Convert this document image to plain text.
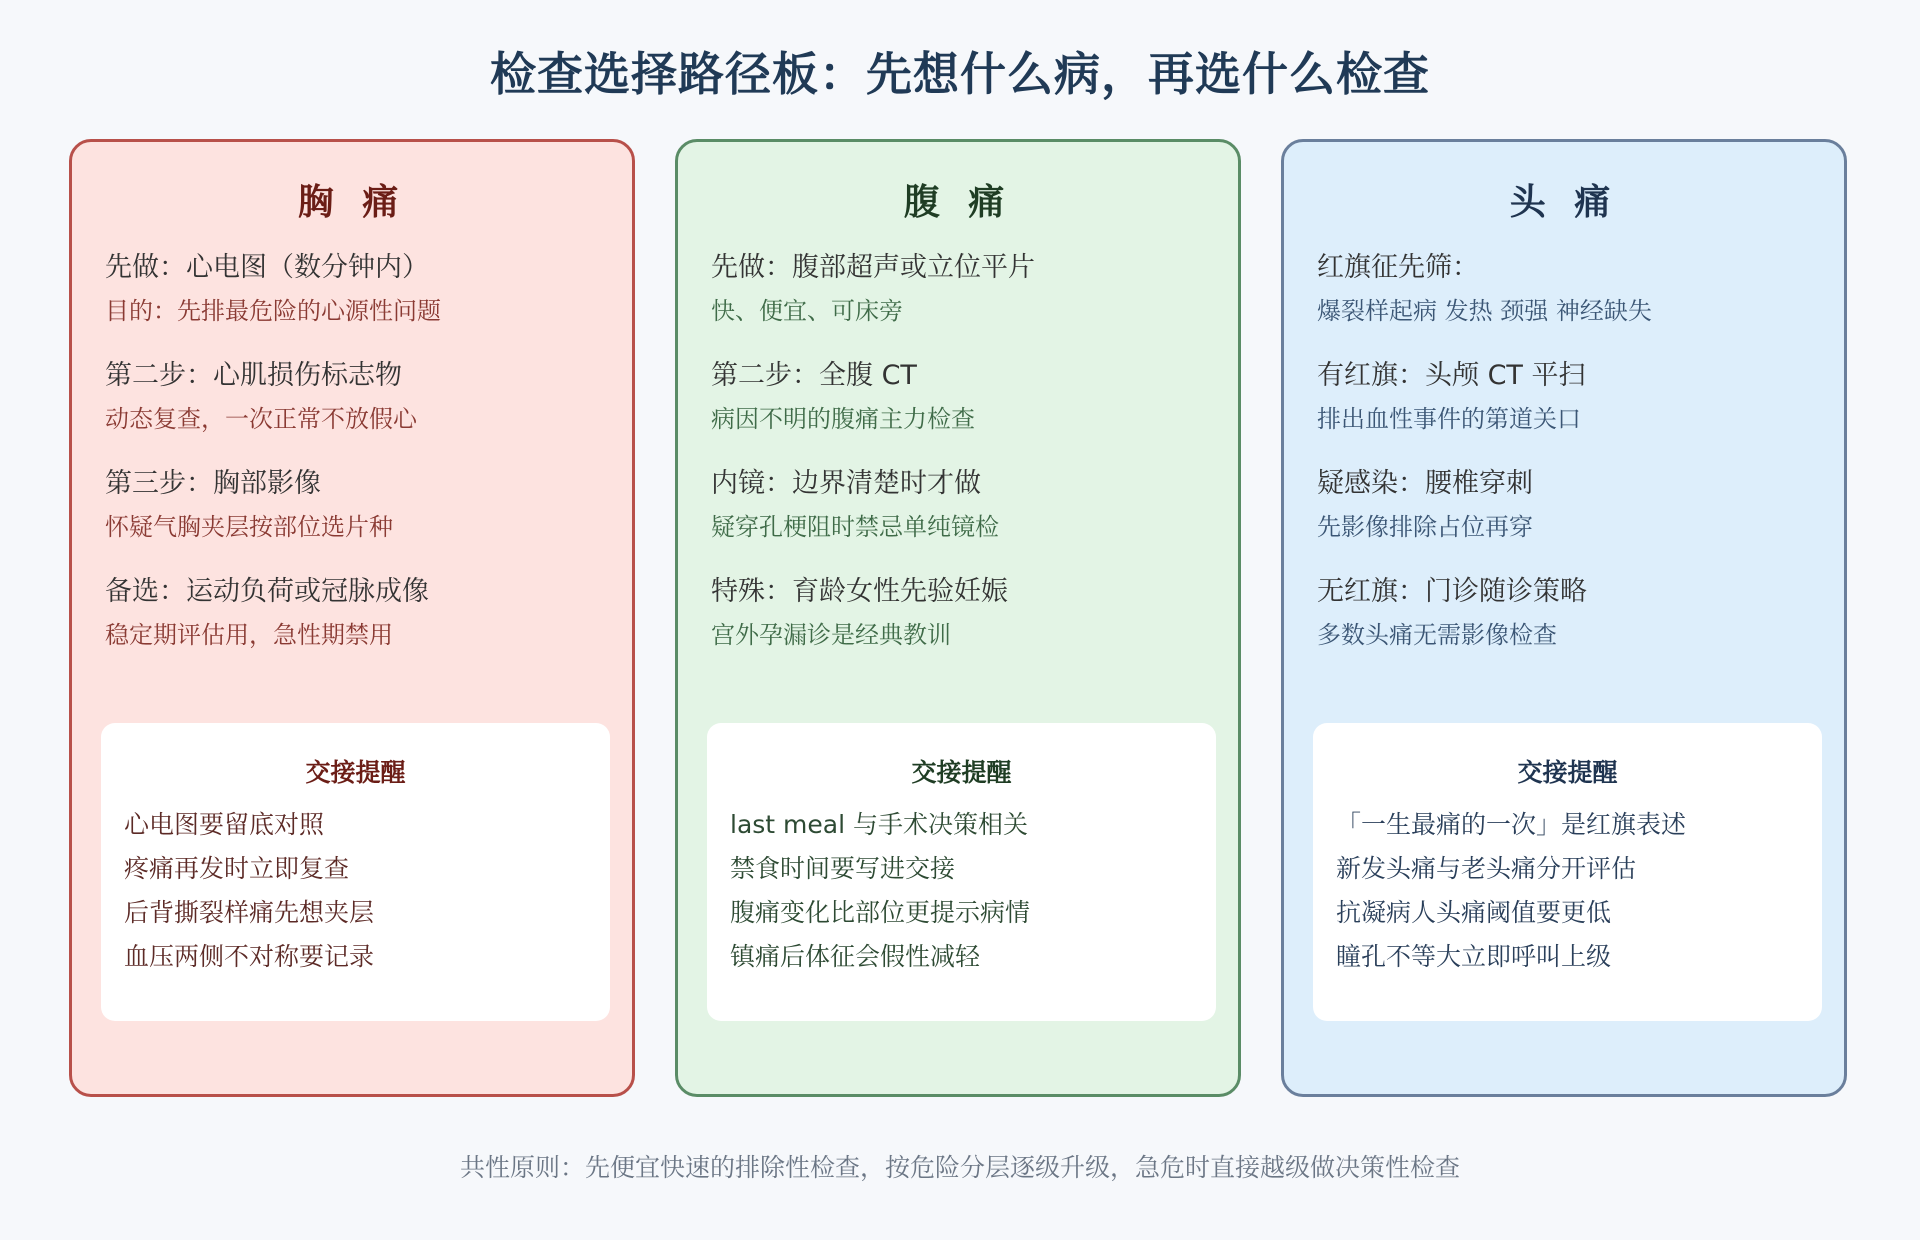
检查选择路径板：先想什么病，再选什么检查
胸 痛
先做：心电图（数分钟内）
目的：先排最危险的心源性问题
第二步：心肌损伤标志物
动态复查，一次正常不放假心
第三步：胸部影像
怀疑气胸夹层按部位选片种
备选：运动负荷或冠脉成像
稳定期评估用，急性期禁用
交接提醒
心电图要留底对照
疼痛再发时立即复查
后背撕裂样痛先想夹层
血压两侧不对称要记录
腹 痛
先做：腹部超声或立位平片
快、便宜、可床旁
第二步：全腹 CT
病因不明的腹痛主力检查
内镜：边界清楚时才做
疑穿孔梗阻时禁忌单纯镜检
特殊：育龄女性先验妊娠
宫外孕漏诊是经典教训
交接提醒
last meal 与手术决策相关
禁食时间要写进交接
腹痛变化比部位更提示病情
镇痛后体征会假性减轻
头 痛
红旗征先筛：
爆裂样起病 发热 颈强 神经缺失
有红旗：头颅 CT 平扫
排出血性事件的第道关口
疑感染：腰椎穿刺
先影像排除占位再穿
无红旗：门诊随诊策略
多数头痛无需影像检查
交接提醒
「一生最痛的一次」是红旗表述
新发头痛与老头痛分开评估
抗凝病人头痛阈值要更低
瞳孔不等大立即呼叫上级
共性原则：先便宜快速的排除性检查，按危险分层逐级升级，急危时直接越级做决策性检查
